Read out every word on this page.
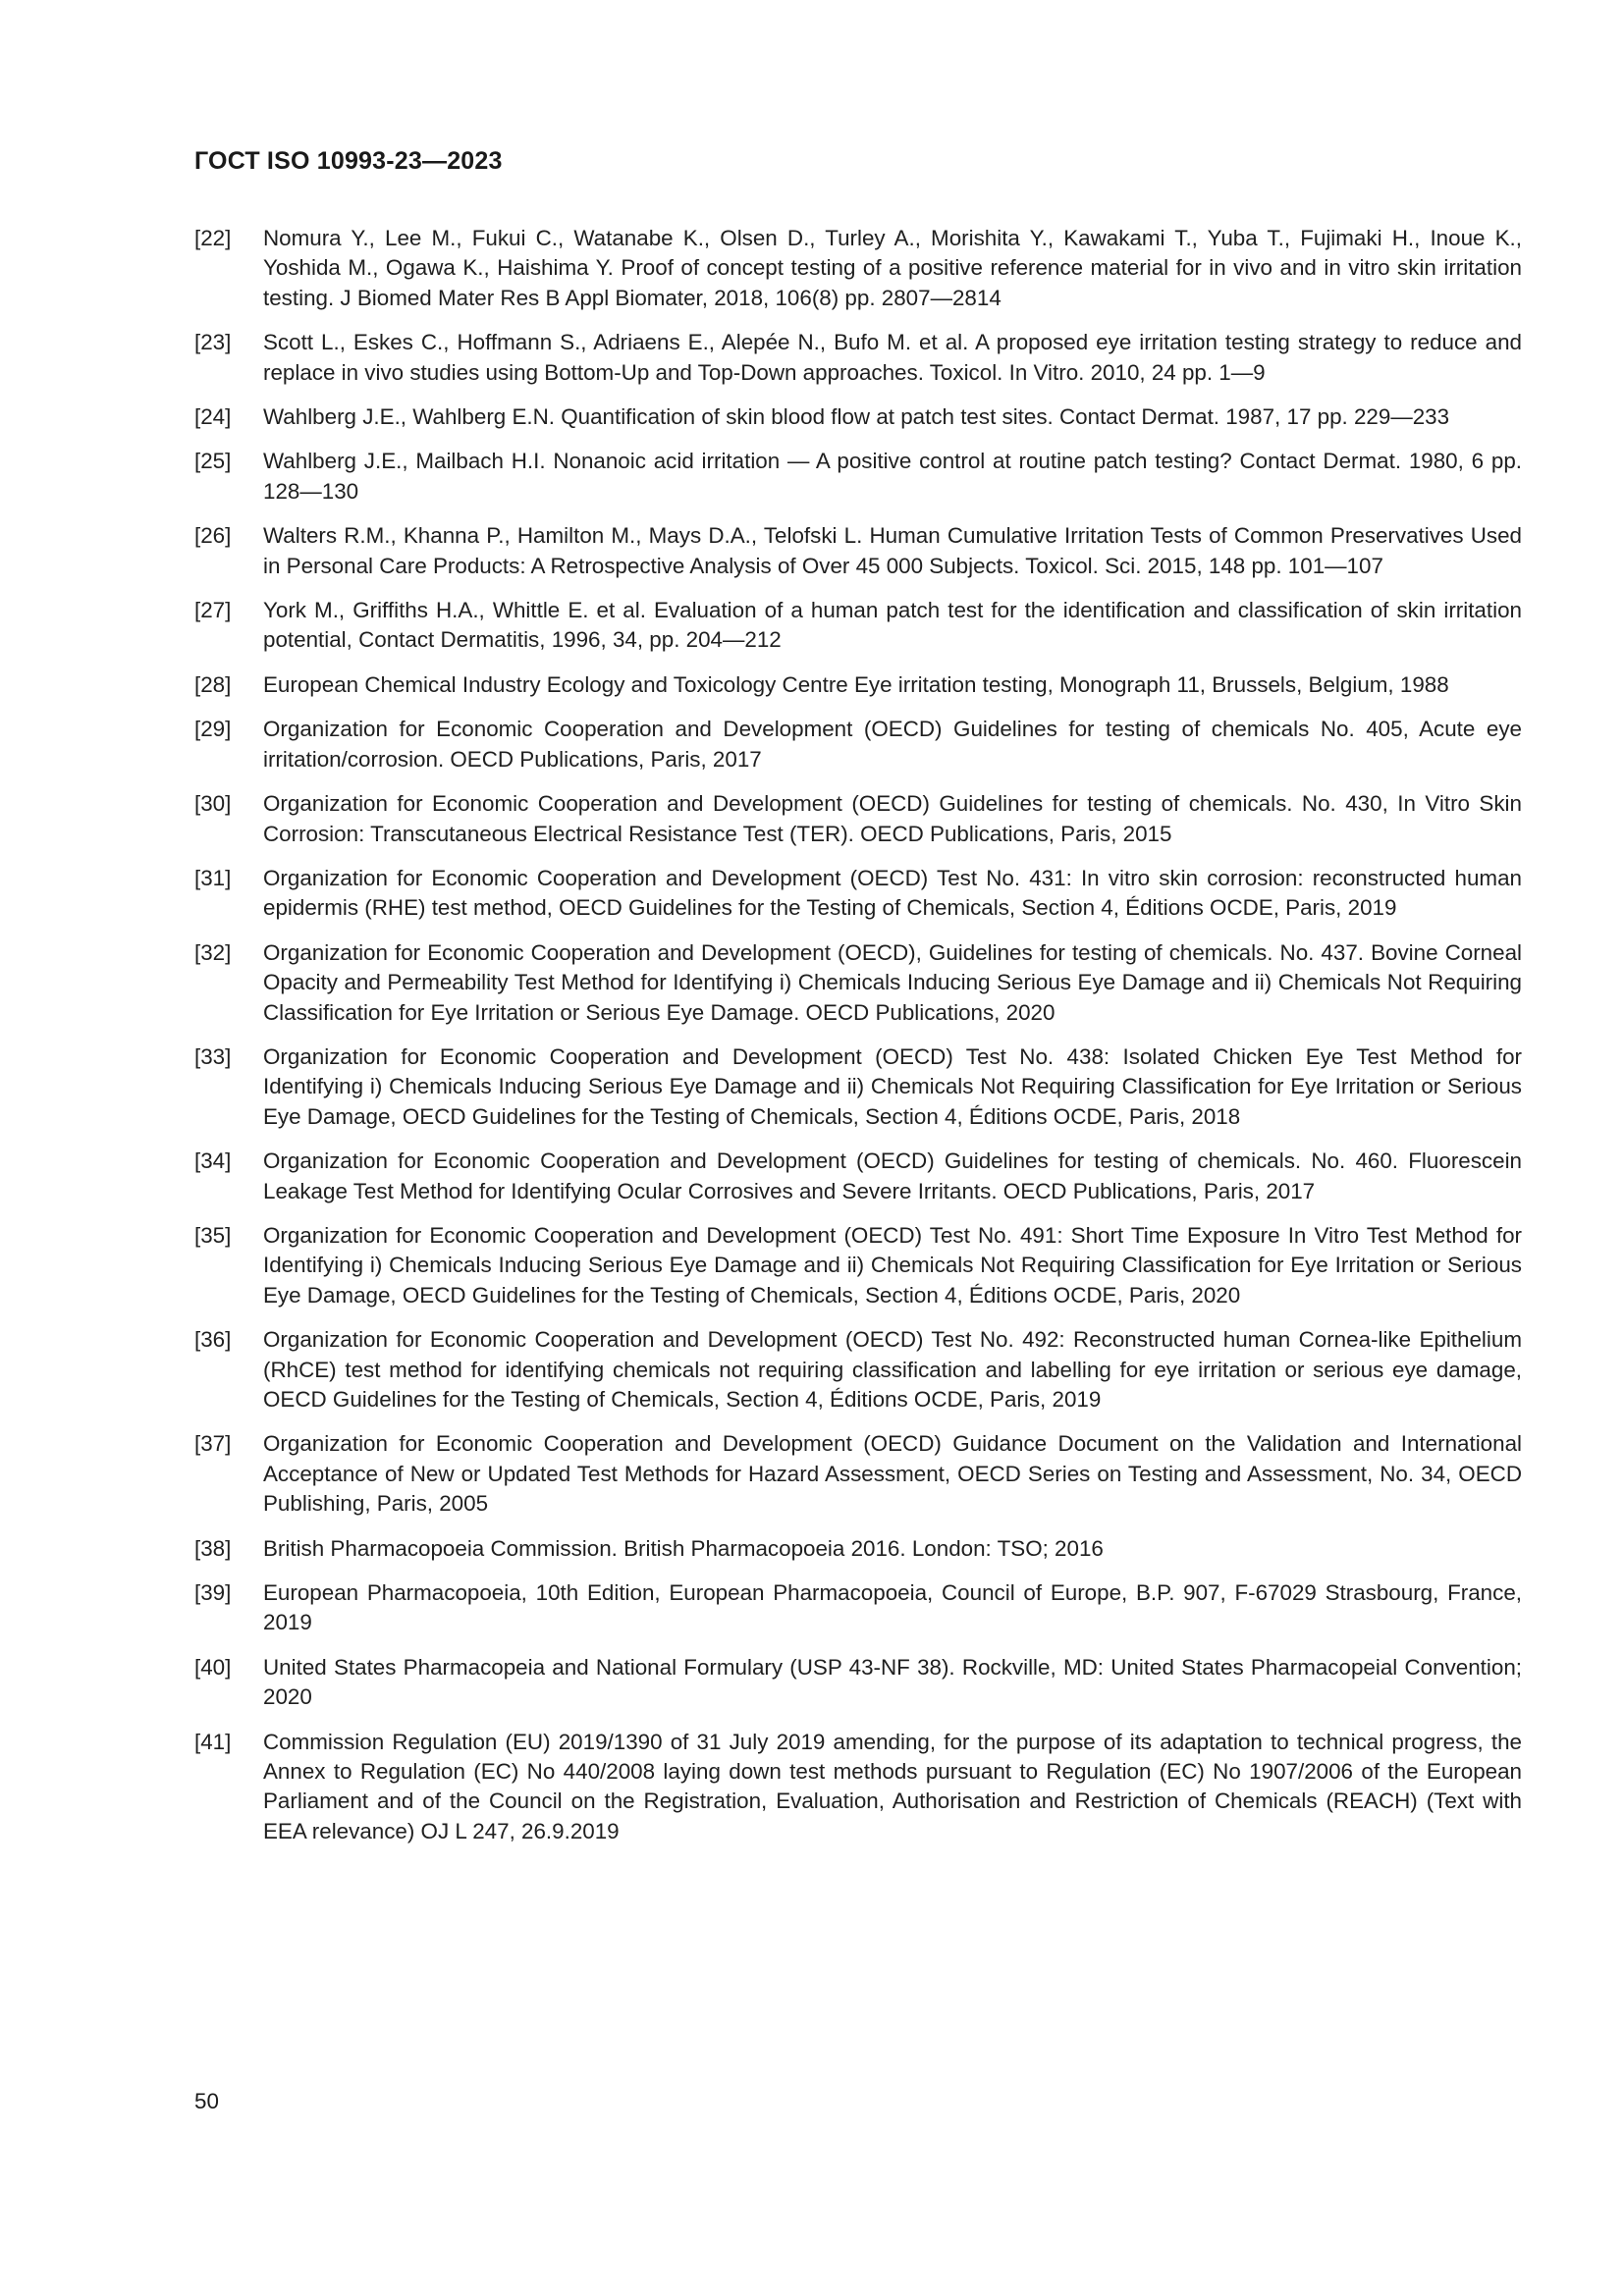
ГОСТ ISO 10993-23—2023
[22]	Nomura Y., Lee M., Fukui C., Watanabe K., Olsen D., Turley A., Morishita Y., Kawakami T., Yuba T., Fujimaki H., Inoue K., Yoshida M., Ogawa K., Haishima Y. Proof of concept testing of a positive reference material for in vivo and in vitro skin irritation testing. J Biomed Mater Res B Appl Biomater, 2018, 106(8) pp. 2807—2814
[23]	Scott L., Eskes C., Hoffmann S., Adriaens E., Alepée N., Bufo M. et al. A proposed eye irritation testing strategy to reduce and replace in vivo studies using Bottom-Up and Top-Down approaches. Toxicol. In Vitro. 2010, 24 pp. 1—9
[24]	Wahlberg J.E., Wahlberg E.N. Quantification of skin blood flow at patch test sites. Contact Dermat. 1987, 17 pp. 229—233
[25]	Wahlberg J.E., Mailbach H.I. Nonanoic acid irritation — A positive control at routine patch testing? Contact Dermat. 1980, 6 pp. 128—130
[26]	Walters R.M., Khanna P., Hamilton M., Mays D.A., Telofski L. Human Cumulative Irritation Tests of Common Preservatives Used in Personal Care Products: A Retrospective Analysis of Over 45 000 Subjects. Toxicol. Sci. 2015, 148 pp. 101—107
[27]	York M., Griffiths H.A., Whittle E. et al. Evaluation of a human patch test for the identification and classification of skin irritation potential, Contact Dermatitis, 1996, 34, pp. 204—212
[28]	European Chemical Industry Ecology and Toxicology Centre Eye irritation testing, Monograph 11, Brussels, Belgium, 1988
[29]	Organization for Economic Cooperation and Development (OECD) Guidelines for testing of chemicals No. 405, Acute eye irritation/corrosion. OECD Publications, Paris, 2017
[30]	Organization for Economic Cooperation and Development (OECD) Guidelines for testing of chemicals. No. 430, In Vitro Skin Corrosion: Transcutaneous Electrical Resistance Test (TER). OECD Publications, Paris, 2015
[31]	Organization for Economic Cooperation and Development (OECD) Test No. 431: In vitro skin corrosion: reconstructed human epidermis (RHE) test method, OECD Guidelines for the Testing of Chemicals, Section 4, Éditions OCDE, Paris, 2019
[32]	Organization for Economic Cooperation and Development (OECD), Guidelines for testing of chemicals. No. 437. Bovine Corneal Opacity and Permeability Test Method for Identifying i) Chemicals Inducing Serious Eye Damage and ii) Chemicals Not Requiring Classification for Eye Irritation or Serious Eye Damage. OECD Publications, 2020
[33]	Organization for Economic Cooperation and Development (OECD) Test No. 438: Isolated Chicken Eye Test Method for Identifying i) Chemicals Inducing Serious Eye Damage and ii) Chemicals Not Requiring Classification for Eye Irritation or Serious Eye Damage, OECD Guidelines for the Testing of Chemicals, Section 4, Éditions OCDE, Paris, 2018
[34]	Organization for Economic Cooperation and Development (OECD) Guidelines for testing of chemicals. No. 460. Fluorescein Leakage Test Method for Identifying Ocular Corrosives and Severe Irritants. OECD Publications, Paris, 2017
[35]	Organization for Economic Cooperation and Development (OECD) Test No. 491: Short Time Exposure In Vitro Test Method for Identifying i) Chemicals Inducing Serious Eye Damage and ii) Chemicals Not Requiring Classification for Eye Irritation or Serious Eye Damage, OECD Guidelines for the Testing of Chemicals, Section 4, Éditions OCDE, Paris, 2020
[36]	Organization for Economic Cooperation and Development (OECD) Test No. 492: Reconstructed human Cornea-like Epithelium (RhCE) test method for identifying chemicals not requiring classification and labelling for eye irritation or serious eye damage, OECD Guidelines for the Testing of Chemicals, Section 4, Éditions OCDE, Paris, 2019
[37]	Organization for Economic Cooperation and Development (OECD) Guidance Document on the Validation and International Acceptance of New or Updated Test Methods for Hazard Assessment, OECD Series on Testing and Assessment, No. 34, OECD Publishing, Paris, 2005
[38]	British Pharmacopoeia Commission. British Pharmacopoeia 2016. London: TSO; 2016
[39]	European Pharmacopoeia, 10th Edition, European Pharmacopoeia, Council of Europe, B.P. 907, F-67029 Strasbourg, France, 2019
[40]	United States Pharmacopeia and National Formulary (USP 43-NF 38). Rockville, MD: United States Pharmacopeial Convention; 2020
[41]	Commission Regulation (EU) 2019/1390 of 31 July 2019 amending, for the purpose of its adaptation to technical progress, the Annex to Regulation (EC) No 440/2008 laying down test methods pursuant to Regulation (EC) No 1907/2006 of the European Parliament and of the Council on the Registration, Evaluation, Authorisation and Restriction of Chemicals (REACH) (Text with EEA relevance) OJ L 247, 26.9.2019
50
